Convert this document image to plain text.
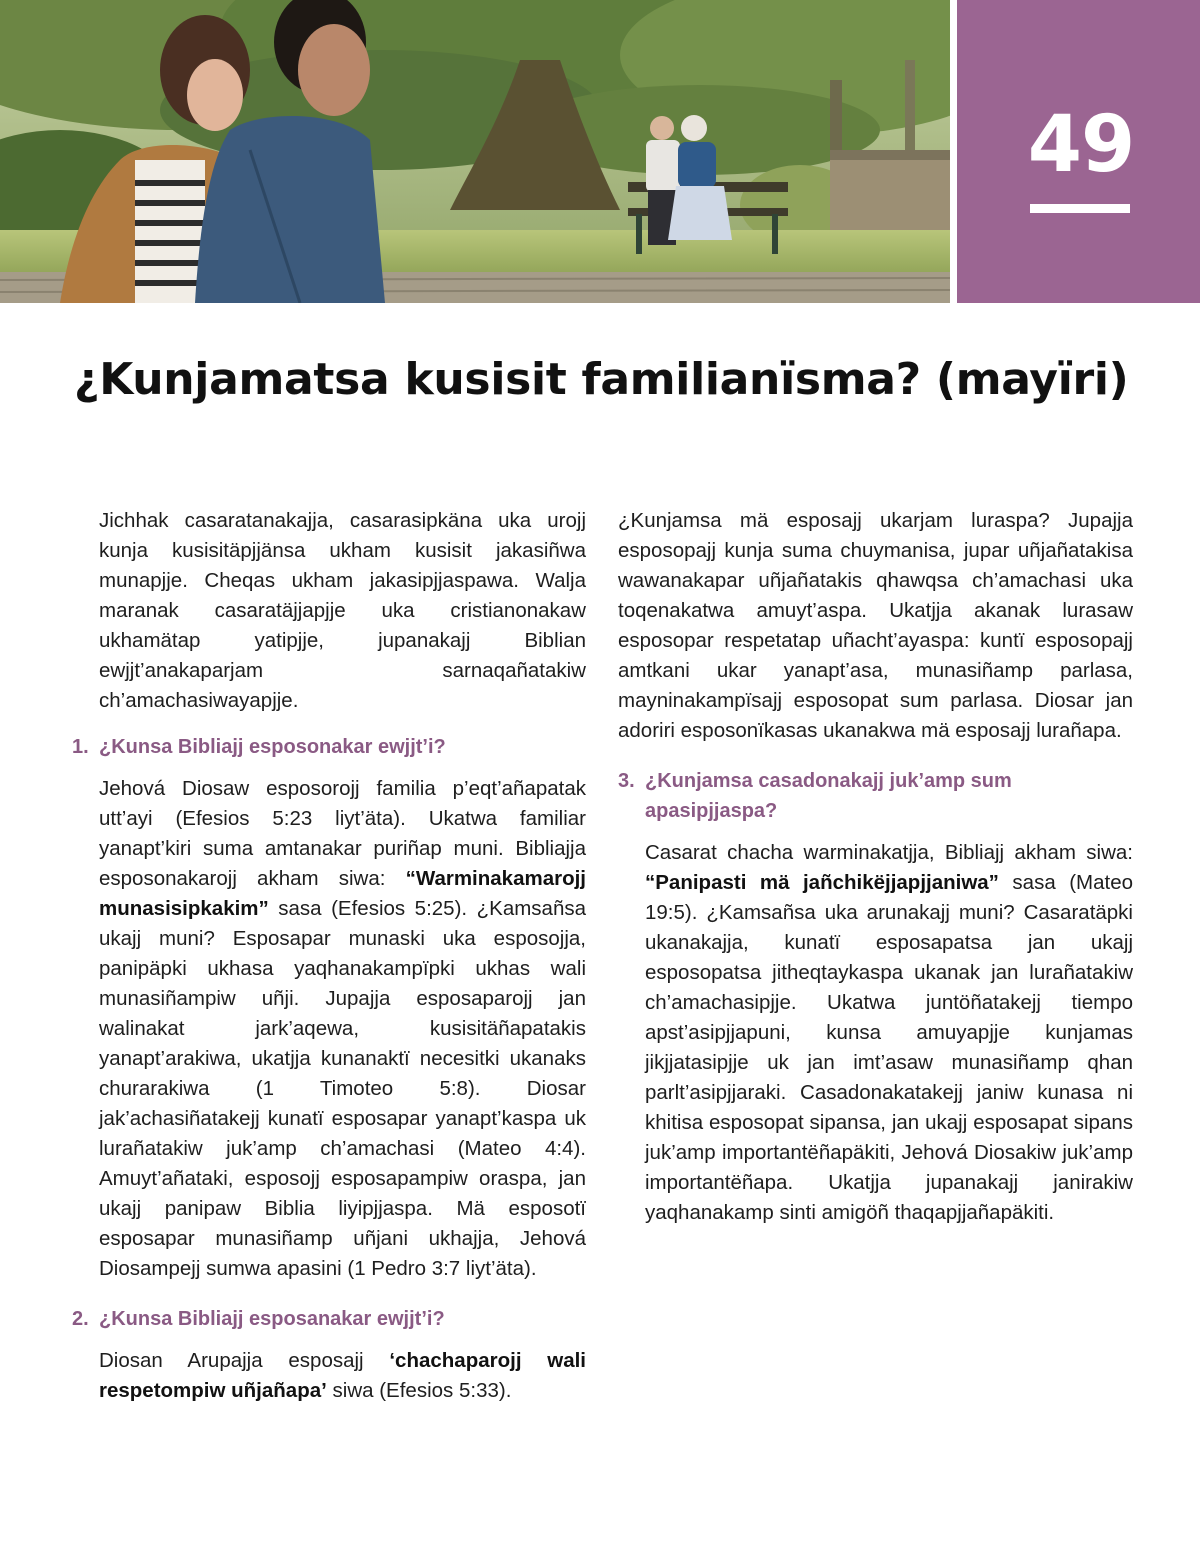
49
¿Kunjamatsa kusisit familianïsma? (mayïri)

Jichhak casaratanakajja, casarasipkäna uka urojj kunja kusisitäpjjänsa ukham kusisit jakasiñwa munapjje. Cheqas ukham jakasipjjaspawa. Walja maranak casaratäjjapjje uka cristianonakaw ukhamätap yatipjje, jupanakajj Biblian ewjjt’anakaparjam sarnaqañatakiw ch’amachasiwayapjje.

1. ¿Kunsa Bibliajj esposonakar ewjjt’i?

Jehová Diosaw esposorojj familia p’eqt’añapatak utt’ayi (Efesios 5:23 liyt’äta). Ukatwa familiar yanapt’kiri suma amtanakar puriñap muni. Bibliajja esposonakarojj akham siwa: “Warminakamarojj munasisipkakim” sasa (Efesios 5:25). ¿Kamsañsa ukajj muni? Esposapar munaski uka esposojja, panipäpki ukhasa yaqhanakampïpki ukhas wali munasiñampiw uñji. Jupajja esposaparojj jan walinakat jark’aqewa, kusisitäñapatakis yanapt’arakiwa, ukatjja kunanaktï necesitki ukanaks churarakiwa (1 Timoteo 5:8). Diosar jak’achasiñatakejj kunatï esposapar yanapt’kaspa uk lurañatakiw juk’amp ch’amachasi (Mateo 4:4). Amuyt’añataki, esposojj esposapampiw oraspa, jan ukajj panipaw Biblia liyipjjaspa. Mä esposotï esposapar munasiñamp uñjani ukhajja, Jehová Diosampejj sumwa apasini (1 Pedro 3:7 liyt’äta).

2. ¿Kunsa Bibliajj esposanakar ewjjt’i?

Diosan Arupajja esposajj ‘chachaparojj wali respetompiw uñjañapa’ siwa (Efesios 5:33).

¿Kunjamsa mä esposajj ukarjam luraspa? Jupajja esposopajj kunja suma chuymanisa, jupar uñjañatakisa wawanakapar uñjañatakis qhawqsa ch’amachasi uka toqenakatwa amuyt’aspa. Ukatjja akanak lurasaw esposopar respetatap uñacht’ayaspa: kuntï esposopajj amtkani ukar yanapt’asa, munasiñamp parlasa, mayninakampïsajj esposopat sum parlasa. Diosar jan adoriri esposonïkasas ukanakwa mä esposajj lurañapa.

3. ¿Kunjamsa casadonakajj juk’amp sum apasipjjaspa?

Casarat chacha warminakatjja, Bibliajj akham siwa: “Panipasti mä jañchikëjjapjjaniwa” sasa (Mateo 19:5). ¿Kamsañsa uka arunakajj muni? Casaratäpki ukanakajja, kunatï esposapatsa jan ukajj esposopatsa jitheqtaykaspa ukanak jan lurañatakiw ch’amachasipjje. Ukatwa juntöñatakejj tiempo apst’asipjjapuni, kunsa amuyapjje kunjamas jikjjatasipjje uk jan imt’asaw munasiñamp qhan parlt’asipjjaraki. Casadonakatakejj janiw kunasa ni khitisa esposopat sipansa, jan ukajj esposapat sipans juk’amp importantëñapäkiti, Jehová Diosakiw juk’amp importantëñapa. Ukatjja jupanakajj janirakiw yaqhanakamp sinti amigöñ thaqapjjañapäkiti.
